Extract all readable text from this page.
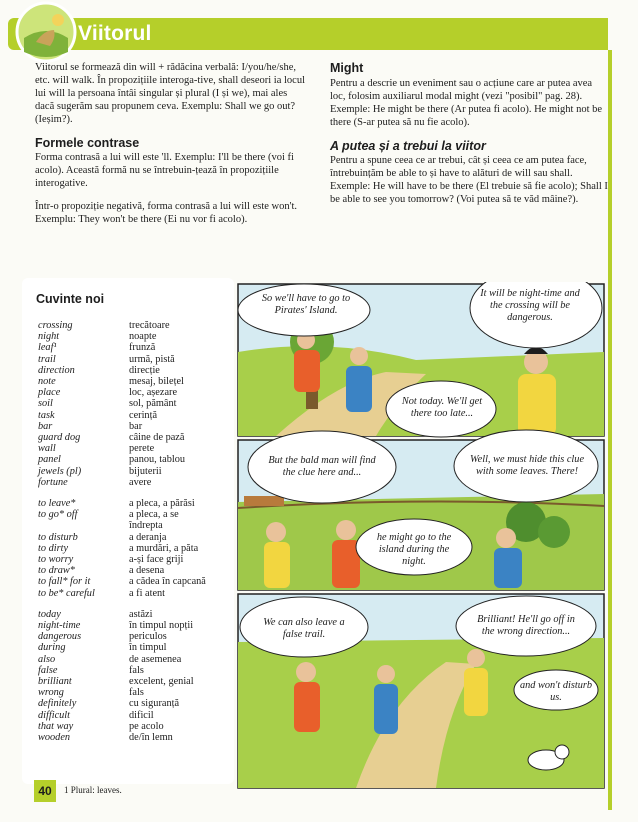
Viitorul

Viitorul se formează din will + rădăcina verbală: I/you/he/she, etc. will walk. În propozițiile interoga-tive, shall deseori ia locul lui will la persoana întâi singular și plural (I și we), mai ales dacă sugerăm sau propunem ceva. Exemplu: Shall we go out? (Ieșim?).

Formele contrase

Forma contrasă a lui will este 'll. Exemplu: I'll be there (voi fi acolo). Această formă nu se întrebuin-țează în propozițiile interogative.

Într-o propoziție negativă, forma contrasă a lui will este won't. Exemplu: They won't be there (Ei nu vor fi acolo).

Might

Pentru a descrie un eveniment sau o acțiune care ar putea avea loc, folosim auxiliarul modal might (vezi "posibil" pag. 28). Exemple: He might be there (Ar putea fi acolo). He might not be there (S-ar putea să nu fie acolo).

A putea și a trebui la viitor

Pentru a spune ceea ce ar trebui, cât și ceea ce am putea face, întrebuințăm be able to și have to alături de will sau shall. Exemple: He will have to be there (El trebuie să fie acolo); Shall I be able to see you tomorrow? (Voi putea să te văd mâine?).

Cuvinte noi
crossing	trecătoare
night	noapte
leaf¹	frunză
trail	urmă, pistă
direction	direcție
note	mesaj, bilețel
place	loc, așezare
soil	sol, pământ
task	cerință
bar	bar
guard dog	câine de pază
wall	perete
panel	panou, tablou
jewels (pl)	bijuterii
fortune	avere
to leave*	a pleca, a părăsi
to go* off	a pleca, a se
îndrepta
to disturb	a deranja
to dirty	a murdări, a păta
to worry	a-și face griji
to draw*	a desena
to fall* for it	a cădea în capcană
to be* careful	a fi atent
today	astăzi
night-time	în timpul nopții
dangerous	periculos
during	în timpul
also	de asemenea
false	fals
brilliant	excelent, genial
wrong	fals
definitely	cu siguranță
difficult	dificil
that way	pe acolo
wooden	de/în lemn
So we'll have to go to Pirates' Island.
It will be night-time and the crossing will be dangerous.
Not today. We'll get there too late...
But the bald man will find the clue here and...
Well, we must hide this clue with some leaves. There!
he might go to the island during the night.
We can also leave a false trail.
Brilliant! He'll go off in the wrong direction...
and won't disturb us.
40	1 Plural: leaves.
